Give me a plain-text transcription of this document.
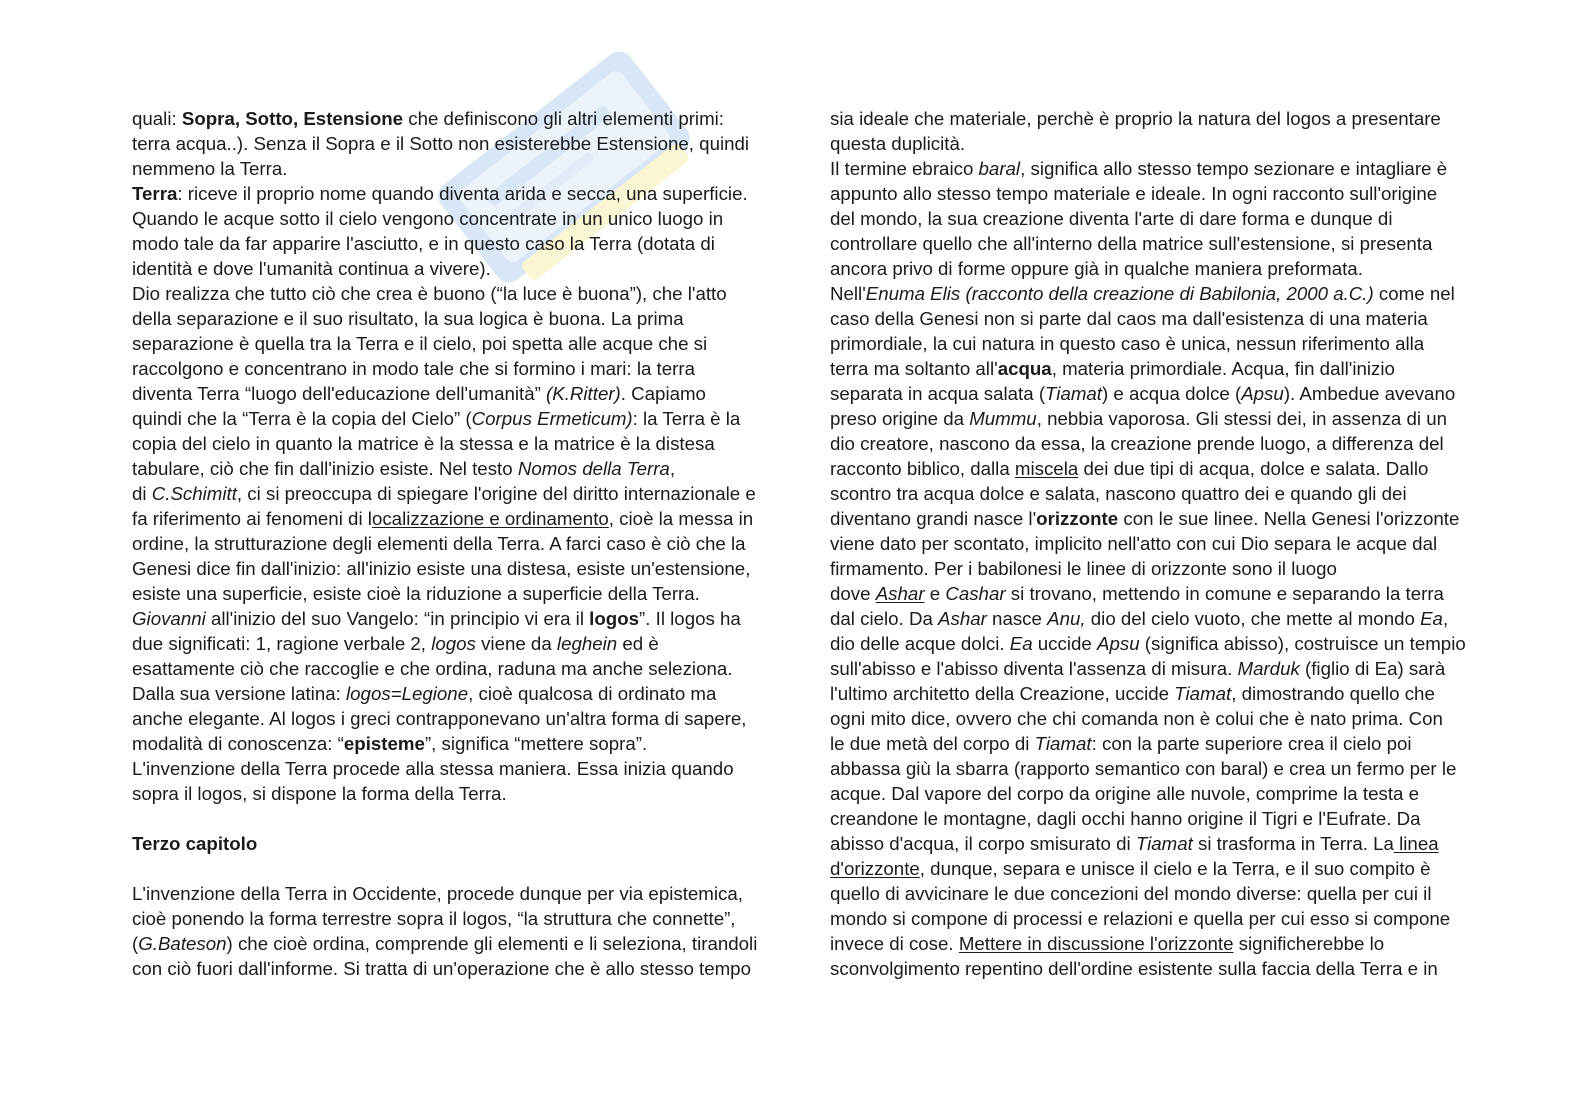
quali: Sopra, Sotto, Estensione che definiscono gli altri elementi primi:
terra acqua..). Senza il Sopra e il Sotto non esisterebbe Estensione, quindi
nemmeno la Terra.
Terra: riceve il proprio nome quando diventa arida e secca, una superficie.
Quando le acque sotto il cielo vengono concentrate in un unico luogo in
modo tale da far apparire l'asciutto, e in questo caso la Terra (dotata di
identità e dove l'umanità continua a vivere).
Dio realizza che tutto ciò che crea è buono (“la luce è buona”), che l'atto
della separazione e il suo risultato, la sua logica è buona. La prima
separazione è quella tra la Terra e il cielo, poi spetta alle acque che si
raccolgono e concentrano in modo tale che si formino i mari: la terra
diventa Terra “luogo dell'educazione dell'umanità” (K.Ritter). Capiamo
quindi che la “Terra è la copia del Cielo” (Corpus Ermeticum): la Terra è la
copia del cielo in quanto la matrice è la stessa e la matrice è la distesa
tabulare, ciò che fin dall'inizio esiste. Nel testo Nomos della Terra,
di C.Schimitt, ci si preoccupa di spiegare l'origine del diritto internazionale e
fa riferimento ai fenomeni di localizzazione e ordinamento, cioè la messa in
ordine, la strutturazione degli elementi della Terra. A farci caso è ciò che la
Genesi dice fin dall'inizio: all'inizio esiste una distesa, esiste un'estensione,
esiste una superficie, esiste cioè la riduzione a superficie della Terra.
Giovanni all'inizio del suo Vangelo: “in principio vi era il logos”. Il logos ha
due significati: 1, ragione verbale 2, logos viene da leghein ed è
esattamente ciò che raccoglie e che ordina, raduna ma anche seleziona.
Dalla sua versione latina: logos=Legione, cioè qualcosa di ordinato ma
anche elegante. Al logos i greci contrapponevano un'altra forma di sapere,
modalità di conoscenza: “episteme”, significa “mettere sopra”.
L'invenzione della Terra procede alla stessa maniera. Essa inizia quando
sopra il logos, si dispone la forma della Terra.
Terzo capitolo
L'invenzione della Terra in Occidente, procede dunque per via epistemica,
cioè ponendo la forma terrestre sopra il logos, “la struttura che connette”,
(G.Bateson) che cioè ordina, comprende gli elementi e li seleziona, tirandoli
con ciò fuori dall'informe. Si tratta di un'operazione che è allo stesso tempo
sia ideale che materiale, perchè è proprio la natura del logos a presentare
questa duplicità.
Il termine ebraico baral, significa allo stesso tempo sezionare e intagliare è
appunto allo stesso tempo materiale e ideale. In ogni racconto sull'origine
del mondo, la sua creazione diventa l'arte di dare forma e dunque di
controllare quello che all'interno della matrice sull'estensione, si presenta
ancora privo di forme oppure già in qualche maniera preformata.
Nell'Enuma Elis (racconto della creazione di Babilonia, 2000 a.C.) come nel
caso della Genesi non si parte dal caos ma dall'esistenza di una materia
primordiale, la cui natura in questo caso è unica, nessun riferimento alla
terra ma soltanto all'acqua, materia primordiale. Acqua, fin dall'inizio
separata in acqua salata (Tiamat) e acqua dolce (Apsu). Ambedue avevano
preso origine da Mummu, nebbia vaporosa. Gli stessi dei, in assenza di un
dio creatore, nascono da essa, la creazione prende luogo, a differenza del
racconto biblico, dalla miscela dei due tipi di acqua, dolce e salata. Dallo
scontro tra acqua dolce e salata, nascono quattro dei e quando gli dei
diventano grandi nasce l'orizzonte con le sue linee. Nella Genesi l'orizzonte
viene dato per scontato, implicito nell'atto con cui Dio separa le acque dal
firmamento. Per i babilonesi le linee di orizzonte sono il luogo
dove Ashar e Cashar si trovano, mettendo in comune e separando la terra
dal cielo. Da Ashar nasce Anu, dio del cielo vuoto, che mette al mondo Ea,
dio delle acque dolci. Ea uccide Apsu (significa abisso), costruisce un tempio
sull'abisso e l'abisso diventa l'assenza di misura. Marduk (figlio di Ea) sarà
l'ultimo architetto della Creazione, uccide Tiamat, dimostrando quello che
ogni mito dice, ovvero che chi comanda non è colui che è nato prima. Con
le due metà del corpo di Tiamat: con la parte superiore crea il cielo poi
abbassa giù la sbarra (rapporto semantico con baral) e crea un fermo per le
acque. Dal vapore del corpo da origine alle nuvole, comprime la testa e
creandone le montagne, dagli occhi hanno origine il Tigri e l'Eufrate. Da
abisso d'acqua, il corpo smisurato di Tiamat si trasforma in Terra. La linea
d'orizzonte, dunque, separa e unisce il cielo e la Terra, e il suo compito è
quello di avvicinare le due concezioni del mondo diverse: quella per cui il
mondo si compone di processi e relazioni e quella per cui esso si compone
invece di cose. Mettere in discussione l'orizzonte significherebbe lo
sconvolgimento repentino dell'ordine esistente sulla faccia della Terra e in
